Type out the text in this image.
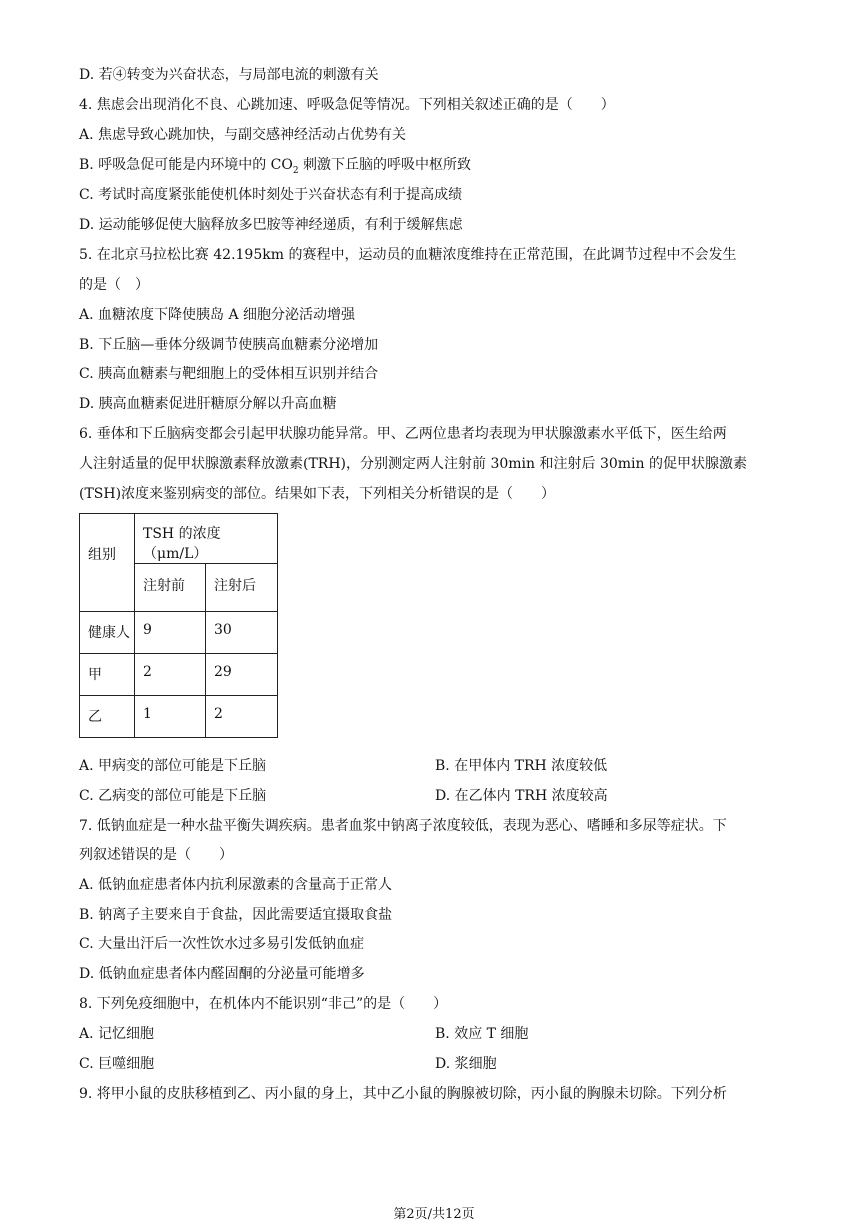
D. 若④转变为兴奋状态，与局部电流的刺激有关
4. 焦虑会出现消化不良、心跳加速、呼吸急促等情况。下列相关叙述正确的是（　　）
A. 焦虑导致心跳加快，与副交感神经活动占优势有关
B. 呼吸急促可能是内环境中的 $CO_2$ 刺激下丘脑的呼吸中枢所致
C. 考试时高度紧张能使机体时刻处于兴奋状态有利于提高成绩
D. 运动能够促使大脑释放多巴胺等神经递质，有利于缓解焦虑
5. 在北京马拉松比赛 42.195km 的赛程中，运动员的血糖浓度维持在正常范围，在此调节过程中不会发生
的是（　）
A. 血糖浓度下降使胰岛 A 细胞分泌活动增强
B. 下丘脑—垂体分级调节使胰高血糖素分泌增加
C. 胰高血糖素与靶细胞上的受体相互识别并结合
D. 胰高血糖素促进肝糖原分解以升高血糖
6. 垂体和下丘脑病变都会引起甲状腺功能异常。甲、乙两位患者均表现为甲状腺激素水平低下，医生给两
人注射适量的促甲状腺激素释放激素(TRH)，分别测定两人注射前 30min 和注射后 30min 的促甲状腺激素
(TSH)浓度来鉴别病变的部位。结果如下表，下列相关分析错误的是（　　）
组别	TSH 的浓度（μm/L）	
	注射前	注射后
健康人	9	30
甲	2	29
乙	1	2
A. 甲病变的部位可能是下丘脑	B. 在甲体内 TRH 浓度较低
C. 乙病变的部位可能是下丘脑	D. 在乙体内 TRH 浓度较高
7. 低钠血症是一种水盐平衡失调疾病。患者血浆中钠离子浓度较低，表现为恶心、嗜睡和多尿等症状。下
列叙述错误的是（　　）
A. 低钠血症患者体内抗利尿激素的含量高于正常人
B. 钠离子主要来自于食盐，因此需要适宜摄取食盐
C. 大量出汗后一次性饮水过多易引发低钠血症
D. 低钠血症患者体内醛固酮的分泌量可能增多
8. 下列免疫细胞中，在机体内不能识别“非己”的是（　　）
A. 记忆细胞	B. 效应 T 细胞
C. 巨噬细胞	D. 浆细胞
9. 将甲小鼠的皮肤移植到乙、丙小鼠的身上，其中乙小鼠的胸腺被切除，丙小鼠的胸腺未切除。下列分析
第2页/共12页
